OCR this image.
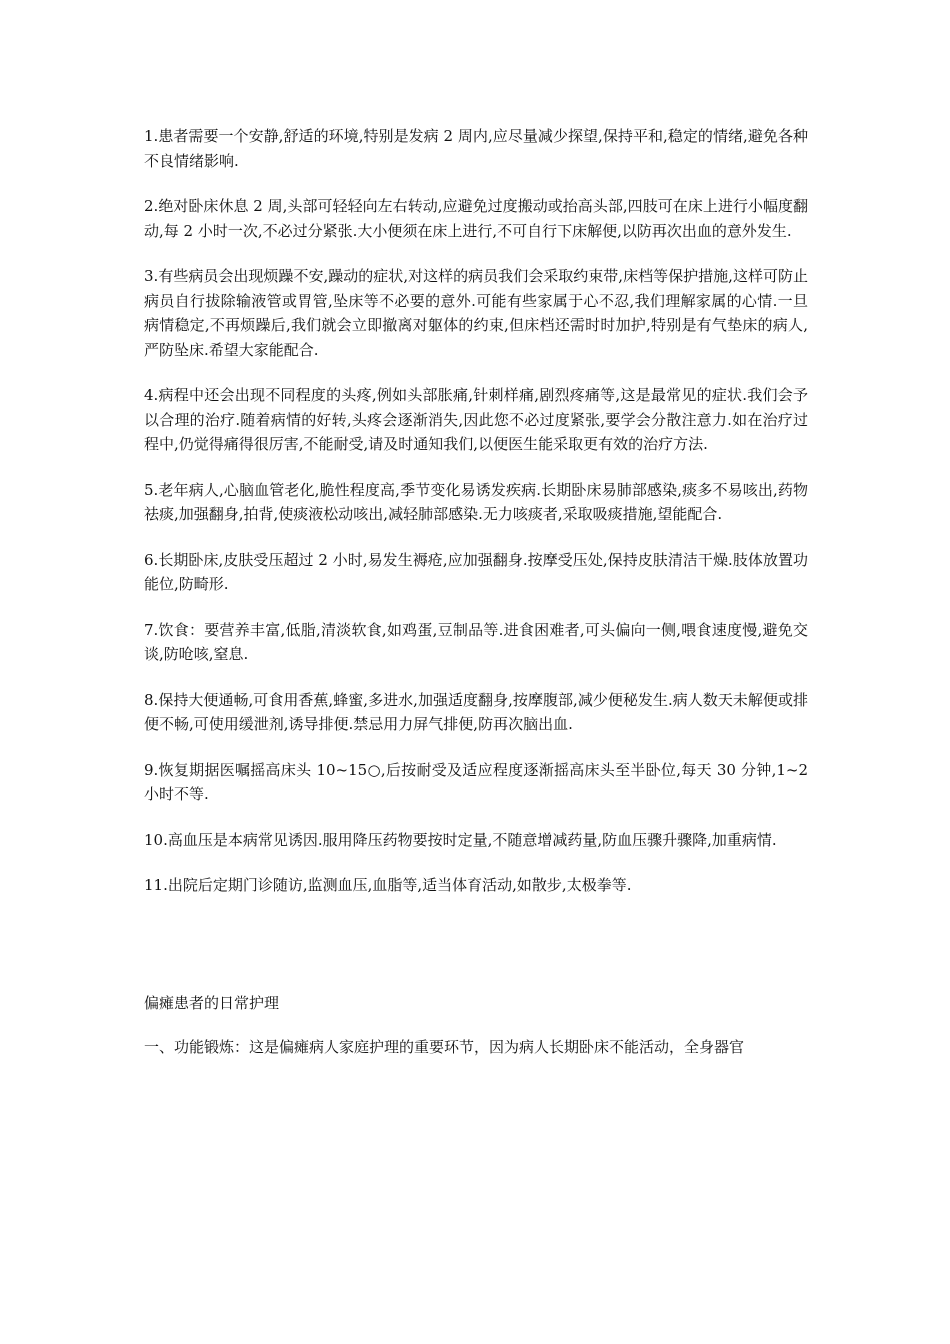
1.患者需要一个安静,舒适的环境,特别是发病 2 周内,应尽量减少探望,保持平和,稳定的情绪,避免各种不良情绪影响.

2.绝对卧床休息 2 周,头部可轻轻向左右转动,应避免过度搬动或抬高头部,四肢可在床上进行小幅度翻动,每 2 小时一次,不必过分紧张.大小便须在床上进行,不可自行下床解便,以防再次出血的意外发生.

3.有些病员会出现烦躁不安,躁动的症状,对这样的病员我们会采取约束带,床档等保护措施,这样可防止病员自行拔除输液管或胃管,坠床等不必要的意外.可能有些家属于心不忍,我们理解家属的心情.一旦病情稳定,不再烦躁后,我们就会立即撤离对躯体的约束,但床档还需时时加护,特别是有气垫床的病人,严防坠床.希望大家能配合.

4.病程中还会出现不同程度的头疼,例如头部胀痛,针刺样痛,剧烈疼痛等,这是最常见的症状.我们会予以合理的治疗.随着病情的好转,头疼会逐渐消失,因此您不必过度紧张,要学会分散注意力.如在治疗过程中,仍觉得痛得很厉害,不能耐受,请及时通知我们,以便医生能采取更有效的治疗方法.

5.老年病人,心脑血管老化,脆性程度高,季节变化易诱发疾病.长期卧床易肺部感染,痰多不易咳出,药物祛痰,加强翻身,拍背,使痰液松动咳出,减轻肺部感染.无力咳痰者,采取吸痰措施,望能配合.

6.长期卧床,皮肤受压超过 2 小时,易发生褥疮,应加强翻身.按摩受压处,保持皮肤清洁干燥.肢体放置功能位,防畸形.

7.饮食：要营养丰富,低脂,清淡软食,如鸡蛋,豆制品等.进食困难者,可头偏向一侧,喂食速度慢,避免交谈,防呛咳,窒息.

8.保持大便通畅,可食用香蕉,蜂蜜,多进水,加强适度翻身,按摩腹部,减少便秘发生.病人数天未解便或排便不畅,可使用缓泄剂,诱导排便.禁忌用力屏气排便,防再次脑出血.

9.恢复期据医嘱摇高床头 10~15○,后按耐受及适应程度逐渐摇高床头至半卧位,每天 30 分钟,1~2 小时不等.

10.高血压是本病常见诱因.服用降压药物要按时定量,不随意增减药量,防血压骤升骤降,加重病情.

11.出院后定期门诊随访,监测血压,血脂等,适当体育活动,如散步,太极拳等.

偏瘫患者的日常护理

一、功能锻炼：这是偏瘫病人家庭护理的重要环节，因为病人长期卧床不能活动，全身器官
